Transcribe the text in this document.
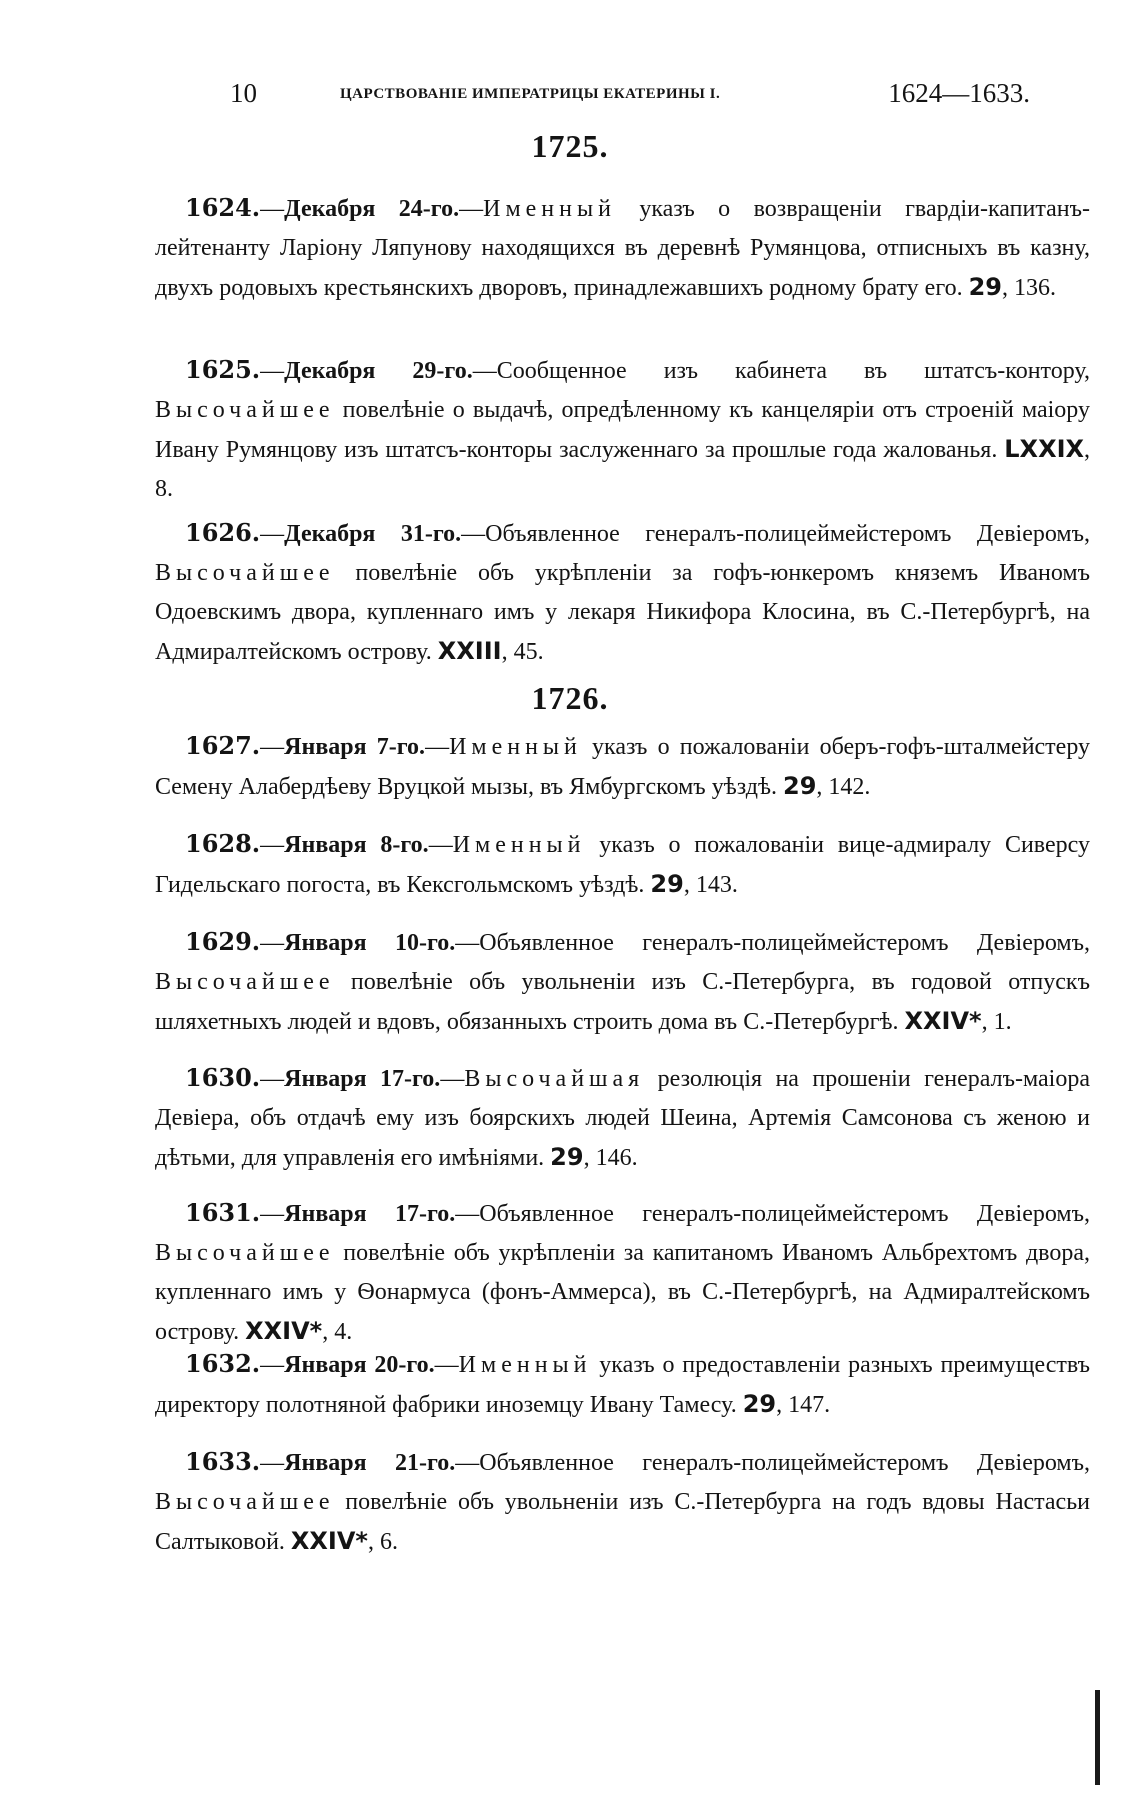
10	ЦАРСТВОВАНІЕ ИМПЕРАТРИЦЫ ЕКАТЕРИНЫ I.	1624—1633.
1725.
1624.—Декабря 24-го.—Именный указъ о возвращеніи гвардіи-капитанъ-лейтенанту Ларіону Ляпунову находящихся въ деревнѣ Румянцова, отписныхъ въ казну, двухъ родовыхъ крестьянскихъ дворовъ, принадлежавшихъ родному брату его. 29, 136.
1625.—Декабря 29-го.—Сообщенное изъ кабинета въ штатсъ-контору, Высочайшее повелѣніе о выдачѣ, опредѣленному къ канцеляріи отъ строеній маіору Ивану Румянцову изъ штатсъ-конторы заслуженнаго за прошлые года жалованья. LXXIX, 8.
1626.—Декабря 31-го.—Объявленное генералъ-полицеймейстеромъ Девіеромъ, Высочайшее повелѣніе объ укрѣпленіи за гофъ-юнкеромъ княземъ Иваномъ Одоевскимъ двора, купленнаго имъ у лекаря Никифора Клосина, въ С.-Петербургѣ, на Адмиралтейскомъ острову. XXIII, 45.
1726.
1627.—Января 7-го.—Именный указъ о пожалованіи оберъ-гофъ-шталмейстеру Семену Алабердѣеву Вруцкой мызы, въ Ямбургскомъ уѣздѣ. 29, 142.
1628.—Января 8-го.—Именный указъ о пожалованіи вице-адмиралу Сиверсу Гидельскаго погоста, въ Кексгольмскомъ уѣздѣ. 29, 143.
1629.—Января 10-го.—Объявленное генералъ-полицеймейстеромъ Девіеромъ, Высочайшее повелѣніе объ увольненіи изъ С.-Петербурга, въ годовой отпускъ шляхетныхъ людей и вдовъ, обязанныхъ строить дома въ С.-Петербургѣ. XXIV*, 1.
1630.—Января 17-го.—Высочайшая резолюція на прошеніи генералъ-маіора Девіера, объ отдачѣ ему изъ боярскихъ людей Шеина, Артемія Самсонова съ женою и дѣтьми, для управленія его имѣніями. 29, 146.
1631.—Января 17-го.—Объявленное генералъ-полицеймейстеромъ Девіеромъ, Высочайшее повелѣніе объ укрѣпленіи за капитаномъ Иваномъ Альбрехтомъ двора, купленнаго имъ у Ѳонармуса (фонъ-Аммерса), въ С.-Петербургѣ, на Адмиралтейскомъ острову. XXIV*, 4.
1632.—Января 20-го.—Именный указъ о предоставленіи разныхъ преимуществъ директору полотняной фабрики иноземцу Ивану Тамесу. 29, 147.
1633.—Января 21-го.—Объявленное генералъ-полицеймейстеромъ Девіеромъ, Высочайшее повелѣніе объ увольненіи изъ С.-Петербурга на годъ вдовы Настасьи Салтыковой. XXIV*, 6.
